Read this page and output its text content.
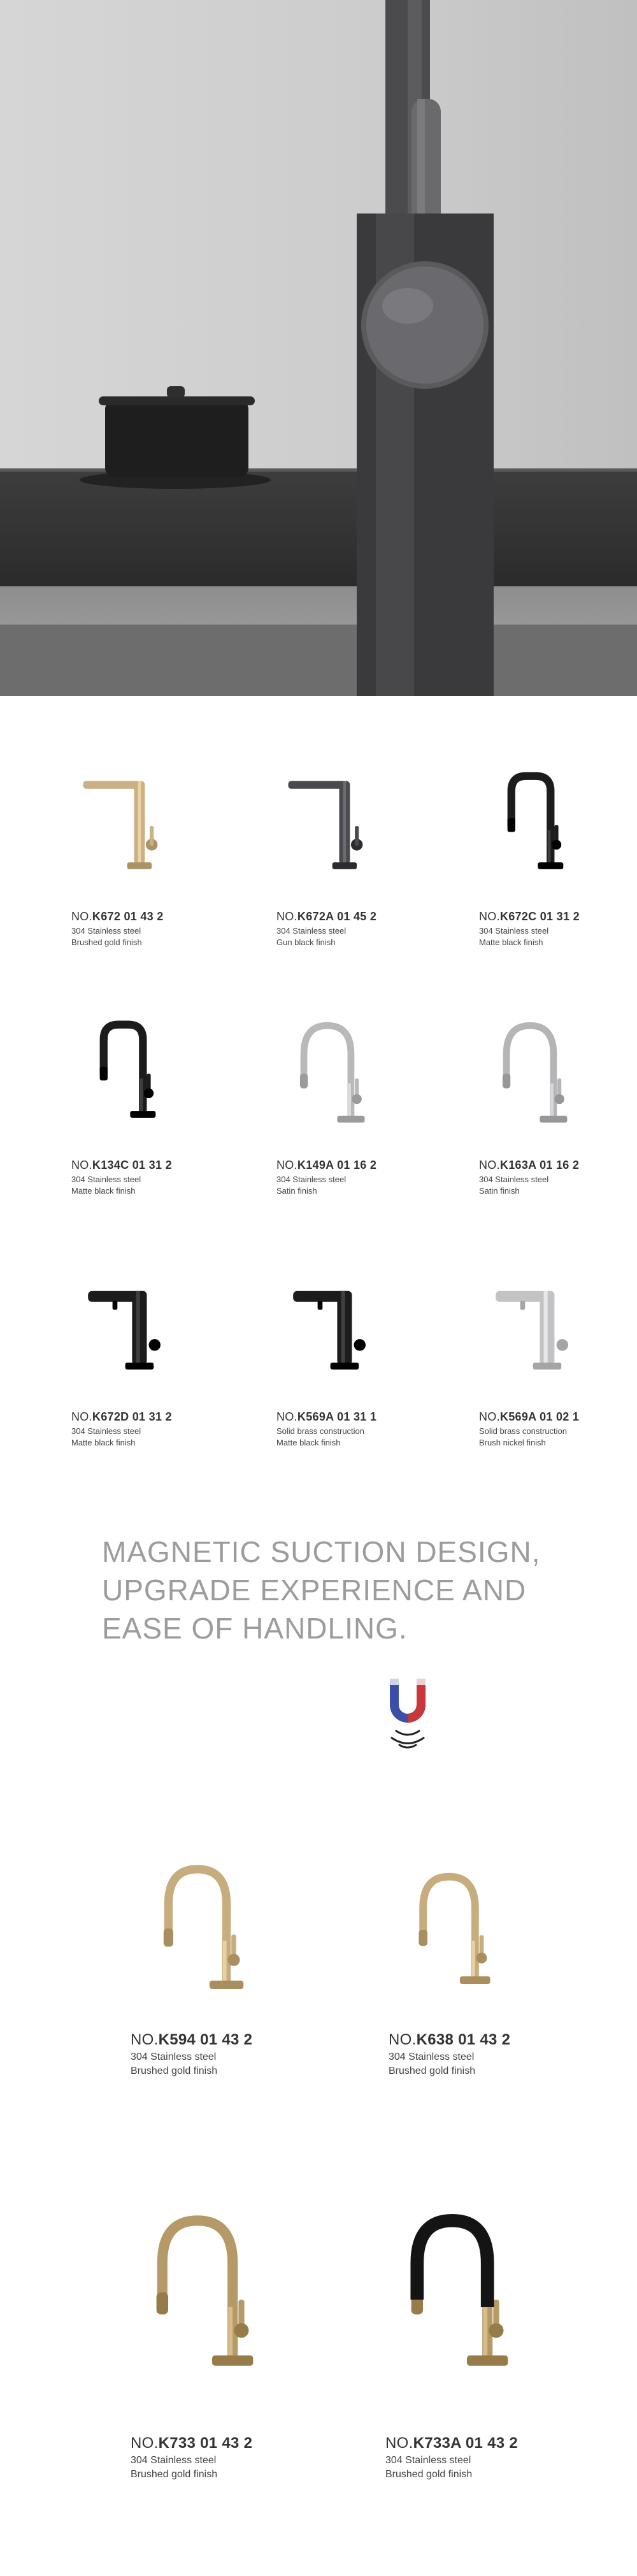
NO.K672 01 43 2
304 Stainless steel
Brushed gold finish
NO.K672A 01 45 2
304 Stainless steel
Gun black finish
NO.K672C 01 31 2
304 Stainless steel
Matte black finish
NO.K134C 01 31 2
304 Stainless steel
Matte black finish
NO.K149A 01 16 2
304 Stainless steel
Satin finish
NO.K163A 01 16 2
304 Stainless steel
Satin finish
NO.K672D 01 31 2
304 Stainless steel
Matte black finish
NO.K569A 01 31 1
Solid brass construction
Matte black finish
NO.K569A 01 02 1
Solid brass construction
Brush nickel finish
MAGNETIC SUCTION DESIGN,
UPGRADE EXPERIENCE AND
EASE OF HANDLING.
NO.K594 01 43 2
304 Stainless steel
Brushed gold finish
NO.K638 01 43 2
304 Stainless steel
Brushed gold finish
NO.K733 01 43 2
304 Stainless steel
Brushed gold finish
NO.K733A 01 43 2
304 Stainless steel
Brushed gold finish
